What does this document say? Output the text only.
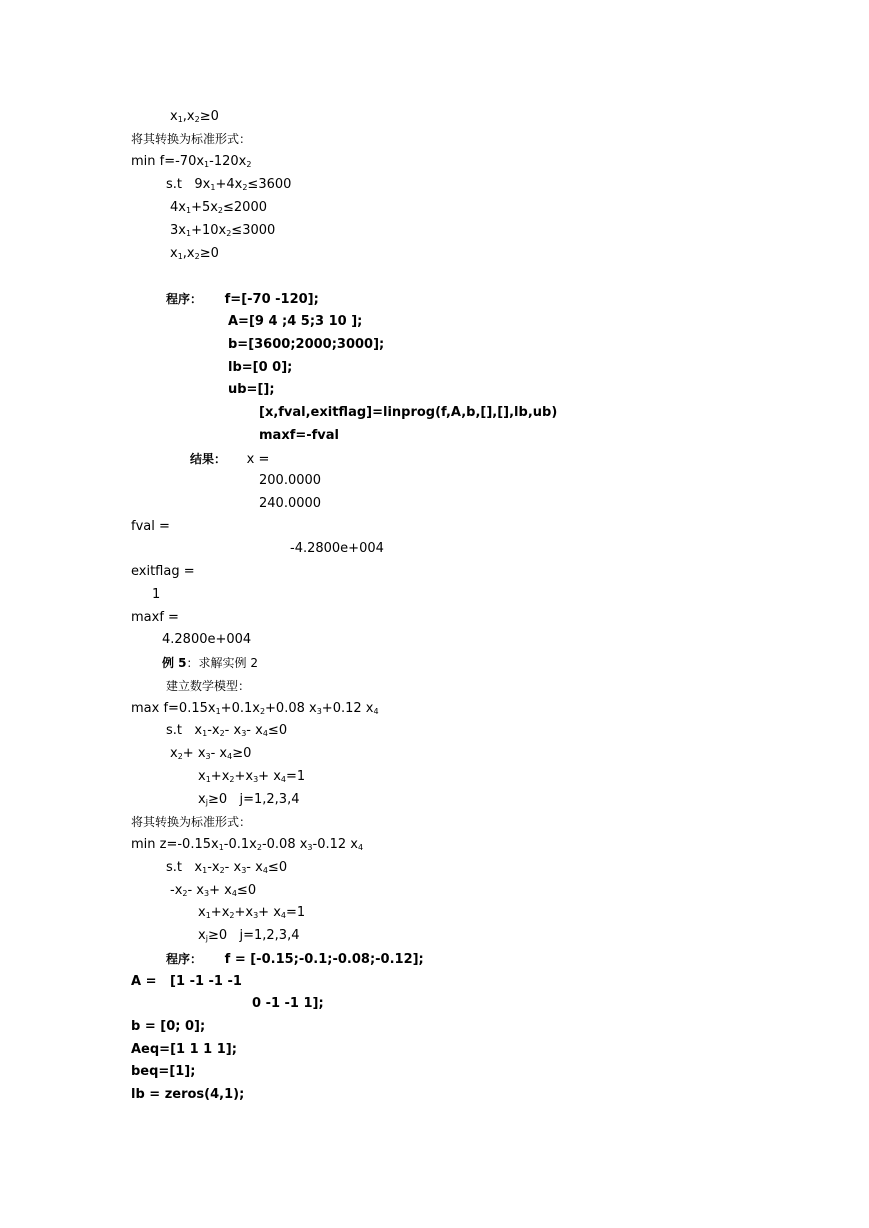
$x_1,x_2\ge 0$
将其转换为标准形式：
$\min f=-70x_1-120x_2$
s.t   $9x_1+4x_2\le 3600$
$4x_1+5x_2\le 2000$
$3x_1+10x_2\le 3000$
$x_1,x_2\ge 0$
程序：     f=[-70 -120];
A=[9 4 ;4 5;3 10 ];
b=[3600;2000;3000];
lb=[0 0];
ub=[];
[x,fval,exitflag]=linprog(f,A,b,[],[],lb,ub)
maxf=-fval
结果：     x =
200.0000
240.0000
fval =
-4.2800e+004
exitflag =
1
maxf =
4.2800e+004
例 5：求解实例 2
建立数学模型：
$\max f=0.15x_1+0.1x_2+0.08$ $x_3+0.12$ $x_4$
s.t   $x_1-x_2-$ $x_3-$ $x_4\le 0$
$x_2+ x_3-$ $x_4\ge 0$
$x_1+x_2+x_3+ x_4=1$
$x_j\ge 0$   j=1,2,3,4
将其转换为标准形式：
$\min z=-0.15x_1-0.1x_2-0.08$ $x_3-0.12$ $x_4$
s.t   $x_1-x_2-$ $x_3-$ $x_4\le 0$
$-x_2-$ $x_3+ x_4\le 0$
$x_1+x_2+x_3+ x_4=1$
$x_j\ge 0$   j=1,2,3,4
程序：     f = [-0.15;-0.1;-0.08;-0.12];
A =   [1 -1 -1 -1
0 -1 -1 1];
b = [0; 0];
Aeq=[1 1 1 1];
beq=[1];
lb = zeros(4,1);
